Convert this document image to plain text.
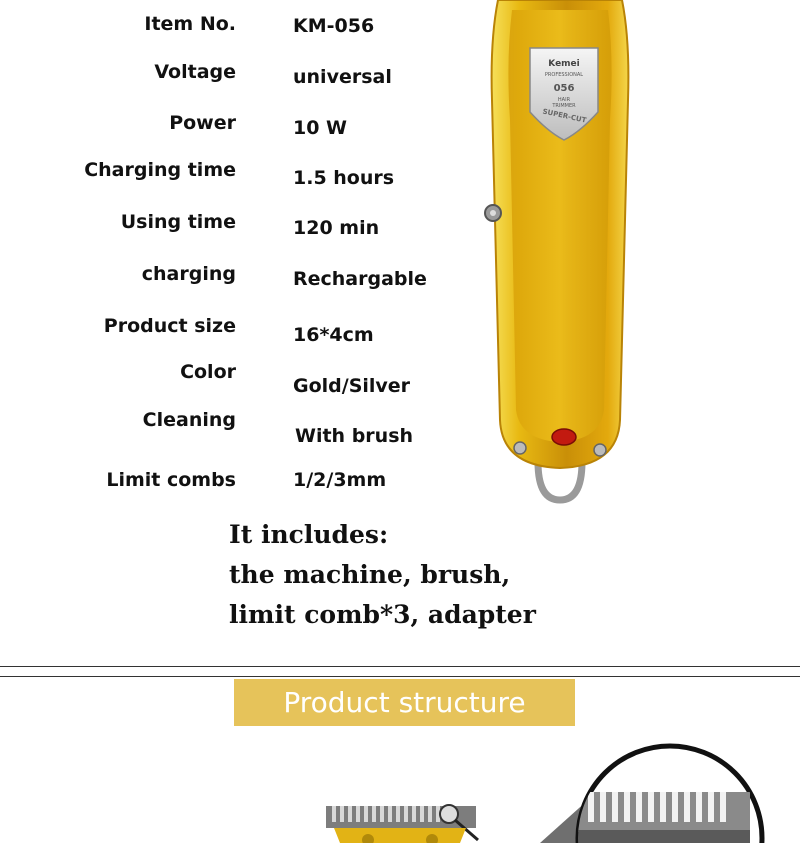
Item No.
Voltage
Power
Charging time
Using time
charging
Product size
Color
Cleaning
Limit combs
KM-056
universal
10 W
1.5 hours
120 min
Rechargable
16*4cm
Gold/Silver
With brush
1/2/3mm
Kemei
PROFESSIONAL
056
HAIR
TRIMMER
SUPER-CUT
It includes:
the machine, brush,
limit comb*3, adapter
Product structure
